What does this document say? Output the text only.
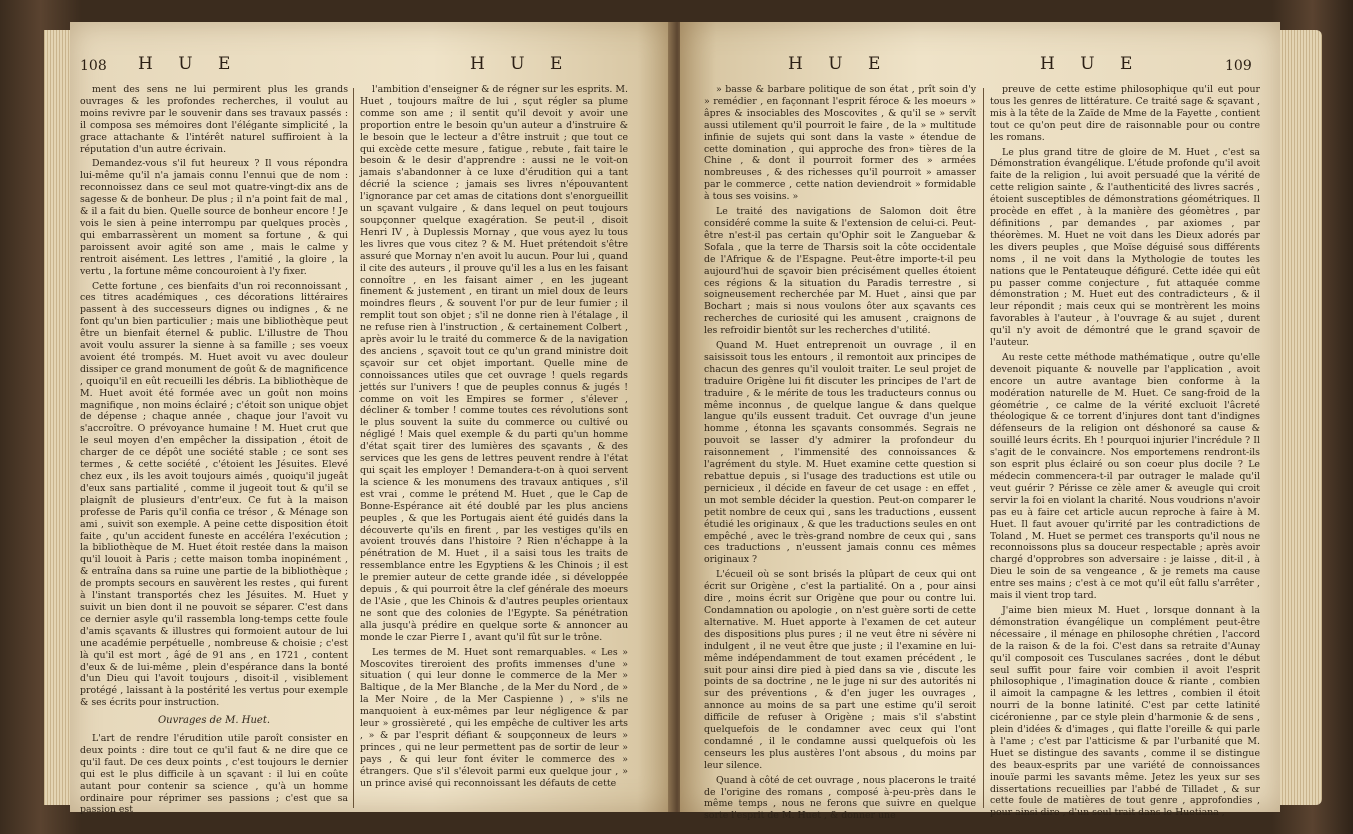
108 H U E	H U E

ment des sens ne lui permirent plus les grands ouvrages & les profondes recherches, il voulut au moins revivre par le souvenir dans ses travaux passés : il composa ses mémoires dont l'élégante simplicité , la grace attachante & l'intérêt naturel suffiroient à la réputation d'un autre écrivain.

Demandez-vous s'il fut heureux ? Il vous répondra lui-même qu'il n'a jamais connu l'ennui que de nom : reconnoissez dans ce seul mot quatre-vingt-dix ans de sagesse & de bonheur. De plus ; il n'a point fait de mal , & il a fait du bien. Quelle source de bonheur encore ! Je vois le sien à peine interrompu par quelques procès , qui embarrassèrent un moment sa fortune , & qui paroissent avoir agité son ame , mais le calme y rentroit aisément. Les lettres , l'amitié , la gloire , la vertu , la fortune même concouroient à l'y fixer.

Cette fortune , ces bienfaits d'un roi reconnoissant , ces titres académiques , ces décorations littéraires passent à des successeurs dignes ou indignes , & ne font qu'un bien particulier ; mais une bibliothèque peut être un bienfait éternel & public. L'illustre de Thou avoit voulu assurer la sienne à sa famille ; ses voeux avoient été trompés. M. Huet avoit vu avec douleur dissiper ce grand monument de goût & de magnificence , quoiqu'il en eût recueilli les débris. La bibliothèque de M. Huet avoit été formée avec un goût non moins magnifique , non moins éclairé ; c'étoit son unique objet de dépense ; chaque année , chaque jour l'avoit vu s'accroître. O prévoyance humaine ! M. Huet crut que le seul moyen d'en empêcher la dissipation , étoit de charger de ce dépôt une société stable ; ce sont ses termes , & cette société , c'étoient les Jésuites. Elevé chez eux , ils les avoit toujours aimés , quoiqu'il jugeât d'eux sans partialité , comme il jugeoit tout & qu'il se plaignît de plusieurs d'entr'eux. Ce fut à la maison professe de Paris qu'il confia ce trésor , & Ménage son ami , suivit son exemple. A peine cette disposition étoit faite , qu'un accident funeste en accéléra l'exécution ; la bibliothèque de M. Huet étoit restée dans la maison qu'il louoit à Paris ; cette maison tomba inopinément , & entraîna dans sa ruine une partie de la bibliothèque ; de prompts secours en sauvèrent les restes , qui furent à l'instant transportés chez les Jésuites. M. Huet y suivit un bien dont il ne pouvoit se séparer. C'est dans ce dernier asyle qu'il rassembla long-temps cette foule d'amis sçavants & illustres qui formoient autour de lui une académie perpétuelle , nombreuse & choisie ; c'est là qu'il est mort , âgé de 91 ans , en 1721 , content d'eux & de lui-même , plein d'espérance dans la bonté d'un Dieu qui l'avoit toujours , disoit-il , visiblement protégé , laissant à la postérité les vertus pour exemple & ses écrits pour instruction.

Ouvrages de M. Huet.

L'art de rendre l'érudition utile paroît consister en deux points : dire tout ce qu'il faut & ne dire que ce qu'il faut. De ces deux points , c'est toujours le dernier qui est le plus difficile à un sçavant : il lui en coûte autant pour contenir sa science , qu'à un homme ordinaire pour réprimer ses passions ; c'est que sa passion est

l'ambition d'enseigner & de régner sur les esprits. M. Huet , toujours maître de lui , sçut régler sa plume comme son ame ; il sentit qu'il devoit y avoir une proportion entre le besoin qu'un auteur a d'instruire & le besoin que le lecteur a d'être instruit ; que tout ce qui excède cette mesure , fatigue , rebute , fait taire le besoin & le desir d'apprendre : aussi ne le voit-on jamais s'abandonner à ce luxe d'érudition qui a tant décrié la science ; jamais ses livres n'épouvantent l'ignorance par cet amas de citations dont s'enorgueillit un sçavant vulgaire , & dans lequel on peut toujours soupçonner quelque exagération. Se peut-il , disoit Henri IV , à Duplessis Mornay , que vous ayez lu tous les livres que vous citez ? & M. Huet prétendoit s'être assuré que Mornay n'en avoit lu aucun. Pour lui , quand il cite des auteurs , il prouve qu'il les a lus en les faisant connoître , en les faisant aimer , en les jugeant finement & justement , en tirant un miel doux de leurs moindres fleurs , & souvent l'or pur de leur fumier ; il remplit tout son objet ; s'il ne donne rien à l'étalage , il ne refuse rien à l'instruction , & certainement Colbert , après avoir lu le traité du commerce & de la navigation des anciens , sçavoit tout ce qu'un grand ministre doit sçavoir sur cet objet important. Quelle mine de connoissances utiles que cet ouvrage ! quels regards jettés sur l'univers ! que de peuples connus & jugés ! comme on voit les Empires se former , s'élever , décliner & tomber ! comme toutes ces révolutions sont le plus souvent la suite du commerce ou cultivé ou négligé ! Mais quel exemple & du parti qu'un homme d'état sçait tirer des lumières des sçavants , & des services que les gens de lettres peuvent rendre à l'état qui sçait les employer ! Demandera-t-on à quoi servent la science & les monumens des travaux antiques , s'il est vrai , comme le prétend M. Huet , que le Cap de Bonne-Espérance ait été doublé par les plus anciens peuples , & que les Portugais aient été guidés dans la découverte qu'ils en firent , par les vestiges qu'ils en avoient trouvés dans l'histoire ? Rien n'échappe à la pénétration de M. Huet , il a saisi tous les traits de ressemblance entre les Egyptiens & les Chinois ; il est le premier auteur de cette grande idée , si développée depuis , & qui pourroit être la clef générale des moeurs de l'Asie , que les Chinois & d'autres peuples orientaux ne sont que des colonies de l'Egypte. Sa pénétration alla jusqu'à prédire en quelque sorte & annoncer au monde le czar Pierre I , avant qu'il fût sur le trône.

Les termes de M. Huet sont remarquables. « Les » Moscovites tireroient des profits immenses d'une » situation ( qui leur donne le commerce de la Mer » Baltique , de la Mer Blanche , de la Mer du Nord , de » la Mer Noire , de la Mer Caspienne ) , » s'ils ne manquoient à eux-mêmes par leur négligence & par leur » grossièreté , qui les empêche de cultiver les arts , » & par l'esprit défiant & soupçonneux de leurs » princes , qui ne leur permettent pas de sortir de leur » pays , & qui leur font éviter le commerce des » étrangers. Que s'il s'élevoit parmi eux quelque jour , » un prince avisé qui reconnoissant les défauts de cette

H U E	H U E	109

» basse & barbare politique de son état , prît soin d'y » remédier , en façonnant l'esprit féroce & les moeurs » âpres & insociables des Moscovites , & qu'il se » servît aussi utilement qu'il pourroit le faire , de la » multitude infinie de sujets qui sont dans la vaste » étendue de cette domination , qui approche des fron» tières de la Chine , & dont il pourroit former des » armées nombreuses , & des richesses qu'il pourroit » amasser par le commerce , cette nation deviendroit » formidable à tous ses voisins. »

Le traité des navigations de Salomon doit être considéré comme la suite & l'extension de celui-ci. Peut-être n'est-il pas certain qu'Ophir soit le Zanguebar & Sofala , que la terre de Tharsis soit la côte occidentale de l'Afrique & de l'Espagne. Peut-être importe-t-il peu aujourd'hui de sçavoir bien précisément quelles étoient ces régions & la situation du Paradis terrestre , si soigneusement recherchée par M. Huet , ainsi que par Bochart ; mais si nous voulons ôter aux sçavants ces recherches de curiosité qui les amusent , craignons de les refroidir bientôt sur les recherches d'utilité.

Quand M. Huet entreprenoit un ouvrage , il en saisissoit tous les entours , il remontoit aux principes de chacun des genres qu'il vouloit traiter. Le seul projet de traduire Origène lui fit discuter les principes de l'art de traduire , & le mérite de tous les traducteurs connus ou même inconnus , de quelque langue & dans quelque langue qu'ils eussent traduit. Cet ouvrage d'un jeune homme , étonna les sçavants consommés. Segrais ne pouvoit se lasser d'y admirer la profondeur du raisonnement , l'immensité des connoissances & l'agrément du style. M. Huet examine cette question si rebattue depuis , si l'usage des traductions est utile ou pernicieux , il décide en faveur de cet usage : en effet , un mot semble décider la question. Peut-on comparer le petit nombre de ceux qui , sans les traductions , eussent étudié les originaux , & que les traductions seules en ont empêché , avec le très-grand nombre de ceux qui , sans ces traductions , n'eussent jamais connu ces mêmes originaux ?

L'écueil où se sont brisés la plûpart de ceux qui ont écrit sur Origène , c'est la partialité. On a , pour ainsi dire , moins écrit sur Origène que pour ou contre lui. Condamnation ou apologie , on n'est guère sorti de cette alternative. M. Huet apporte à l'examen de cet auteur des dispositions plus pures ; il ne veut être ni sévère ni indulgent , il ne veut être que juste ; il l'examine en lui-même indépendamment de tout examen précédent , le suit pour ainsi dire pied à pied dans sa vie , discute les points de sa doctrine , ne le juge ni sur des autorités ni sur des préventions , & d'en juger les ouvrages , annonce au moins de sa part une estime qu'il seroit difficile de refuser à Origène ; mais s'il s'abstint quelquefois de le condamner avec ceux qui l'ont condamné , il le condamne aussi quelquefois où les censeurs les plus austères l'ont absous , du moins par leur silence.

Quand à côté de cet ouvrage , nous placerons le traité de l'origine des romans , composé à-peu-près dans le même temps , nous ne ferons que suivre en quelque sorte l'esprit de M. Huet , & donner une

preuve de cette estime philosophique qu'il eut pour tous les genres de littérature. Ce traité sage & sçavant , mis à la tête de la Zaïde de Mme de la Fayette , contient tout ce qu'on peut dire de raisonnable pour ou contre les romans.

Le plus grand titre de gloire de M. Huet , c'est sa Démonstration évangélique. L'étude profonde qu'il avoit faite de la religion , lui avoit persuadé que la vérité de cette religion sainte , & l'authenticité des livres sacrés , étoient susceptibles de démonstrations géométriques. Il procède en effet , à la manière des géomètres , par définitions , par demandes , par axiomes , par théorèmes. M. Huet ne voit dans les Dieux adorés par les divers peuples , que Moïse déguisé sous différents noms , il ne voit dans la Mythologie de toutes les nations que le Pentateuque défiguré. Cette idée qui eût pu passer comme conjecture , fut attaquée comme démonstration ; M. Huet eut des contradicteurs , & il leur répondit ; mais ceux qui se montrèrent les moins favorables à l'auteur , à l'ouvrage & au sujet , durent qu'il n'y avoit de démontré que le grand sçavoir de l'auteur.

Au reste cette méthode mathématique , outre qu'elle devenoit piquante & nouvelle par l'application , avoit encore un autre avantage bien conforme à la modération naturelle de M. Huet. Ce sang-froid de la géométrie , ce calme de la vérité excluoit l'âcreté théologique & ce torrent d'injures dont tant d'indignes défenseurs de la religion ont déshonoré sa cause & souillé leurs écrits. Eh ! pourquoi injurier l'incrédule ? Il s'agit de le convaincre. Nos emportemens rendront-ils son esprit plus éclairé ou son coeur plus docile ? Le médecin commencera-t-il par outrager le malade qu'il veut guérir ? Périsse ce zèle amer & aveugle qui croit servir la foi en violant la charité. Nous voudrions n'avoir pas eu à faire cet article aucun reproche à faire à M. Huet. Il faut avouer qu'irrité par les contradictions de Toland , M. Huet se permet ces transports qu'il nous ne reconnoissons plus sa douceur respectable ; après avoir chargé d'opprobres son adversaire : je laisse , dit-il , à Dieu le soin de sa vengeance , & je remets ma cause entre ses mains ; c'est à ce mot qu'il eût fallu s'arrêter , mais il vient trop tard.

J'aime bien mieux M. Huet , lorsque donnant à la démonstration évangélique un complément peut-être nécessaire , il ménage en philosophe chrétien , l'accord de la raison & de la foi. C'est dans sa retraite d'Aunay qu'il composoit ces Tusculanes sacrées , dont le début seul suffit pour faire voir combien il avoit l'esprit philosophique , l'imagination douce & riante , combien il aimoit la campagne & les lettres , combien il étoit nourri de la bonne latinité. C'est par cette latinité cicéronienne , par ce style plein d'harmonie & de sens , plein d'idées & d'images , qui flatte l'oreille & qui parle à l'ame ; c'est par l'atticisme & par l'urbanité que M. Huet se distingue des savants , comme il se distingue des beaux-esprits par une variété de connoissances inouïe parmi les savants même. Jetez les yeux sur ses dissertations recueillies par l'abbé de Tilladet , & sur cette foule de matières de tout genre , approfondies , pour ainsi dire , d'un seul trait dans le Huetiana ,
